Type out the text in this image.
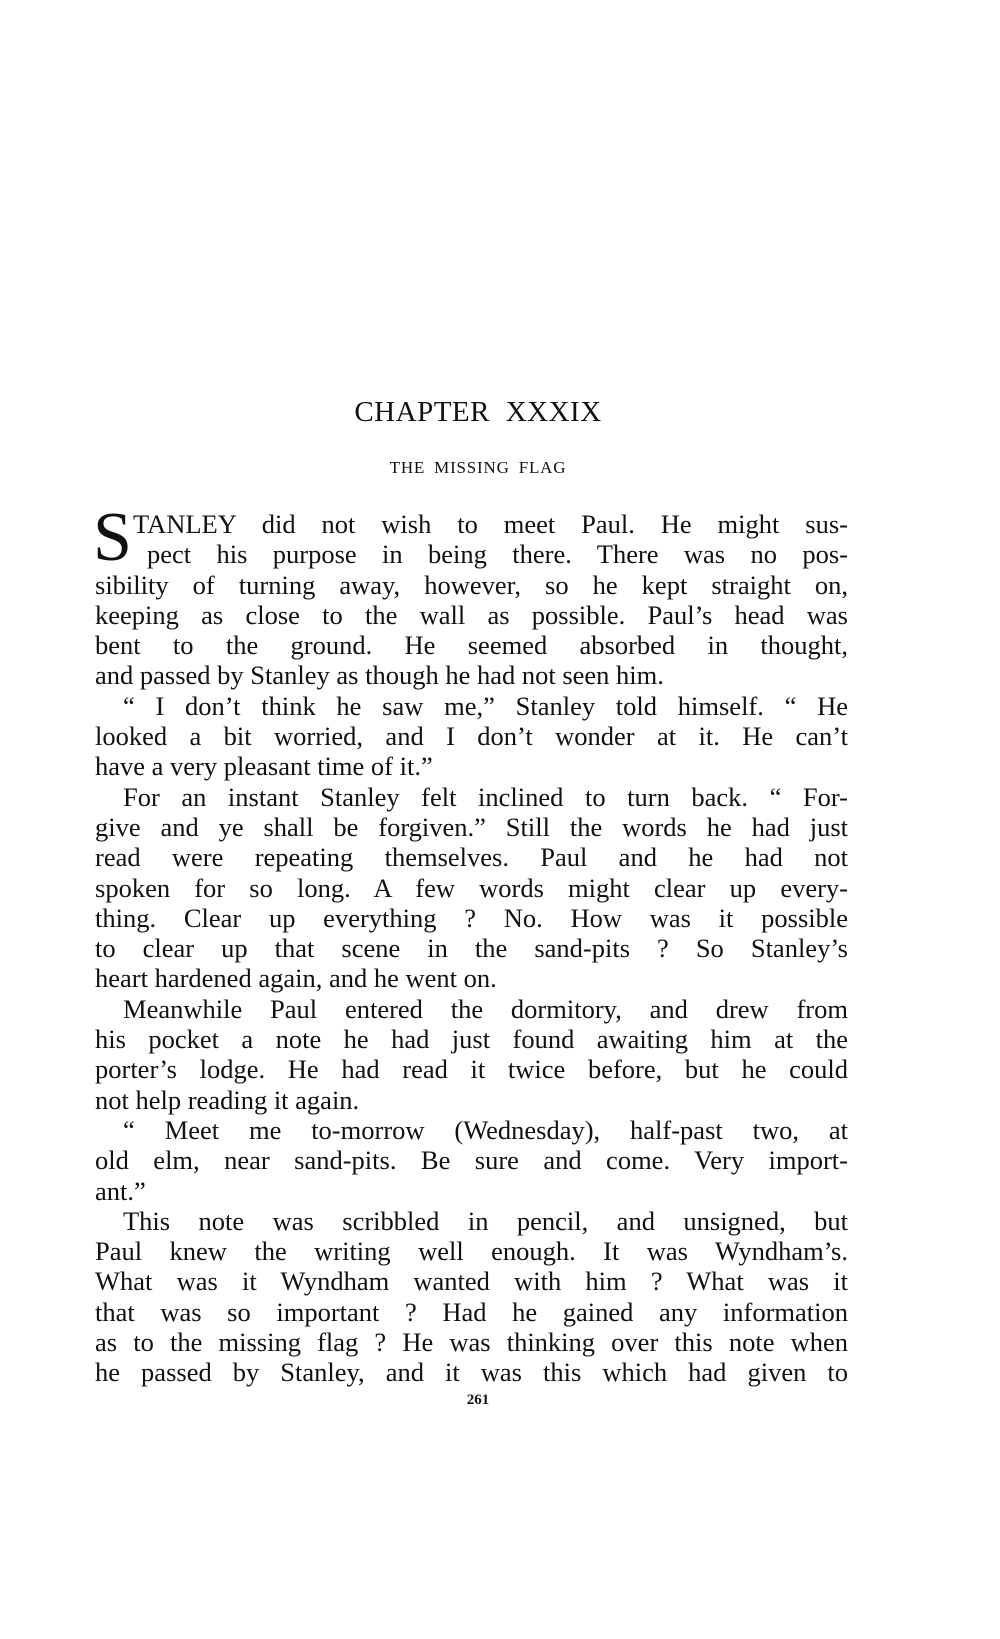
CHAPTER XXXIX
THE MISSING FLAG
S TANLEY did not wish to meet Paul. He might sus-
pect his purpose in being there. There was no pos-
sibility of turning away, however, so he kept straight on,
keeping as close to the wall as possible. Paul’s head was
bent to the ground. He seemed absorbed in thought,
and passed by Stanley as though he had not seen him.
“ I don’t think he saw me,” Stanley told himself. “ He
looked a bit worried, and I don’t wonder at it. He can’t
have a very pleasant time of it.”
For an instant Stanley felt inclined to turn back. “ For-
give and ye shall be forgiven.” Still the words he had just
read were repeating themselves. Paul and he had not
spoken for so long. A few words might clear up every-
thing. Clear up everything ? No. How was it possible
to clear up that scene in the sand-pits ? So Stanley’s
heart hardened again, and he went on.
Meanwhile Paul entered the dormitory, and drew from
his pocket a note he had just found awaiting him at the
porter’s lodge. He had read it twice before, but he could
not help reading it again.
“ Meet me to-morrow (Wednesday), half-past two, at
old elm, near sand-pits. Be sure and come. Very import-
ant.”
This note was scribbled in pencil, and unsigned, but
Paul knew the writing well enough. It was Wyndham’s.
What was it Wyndham wanted with him ? What was it
that was so important ? Had he gained any information
as to the missing flag ? He was thinking over this note when
he passed by Stanley, and it was this which had given to
261
